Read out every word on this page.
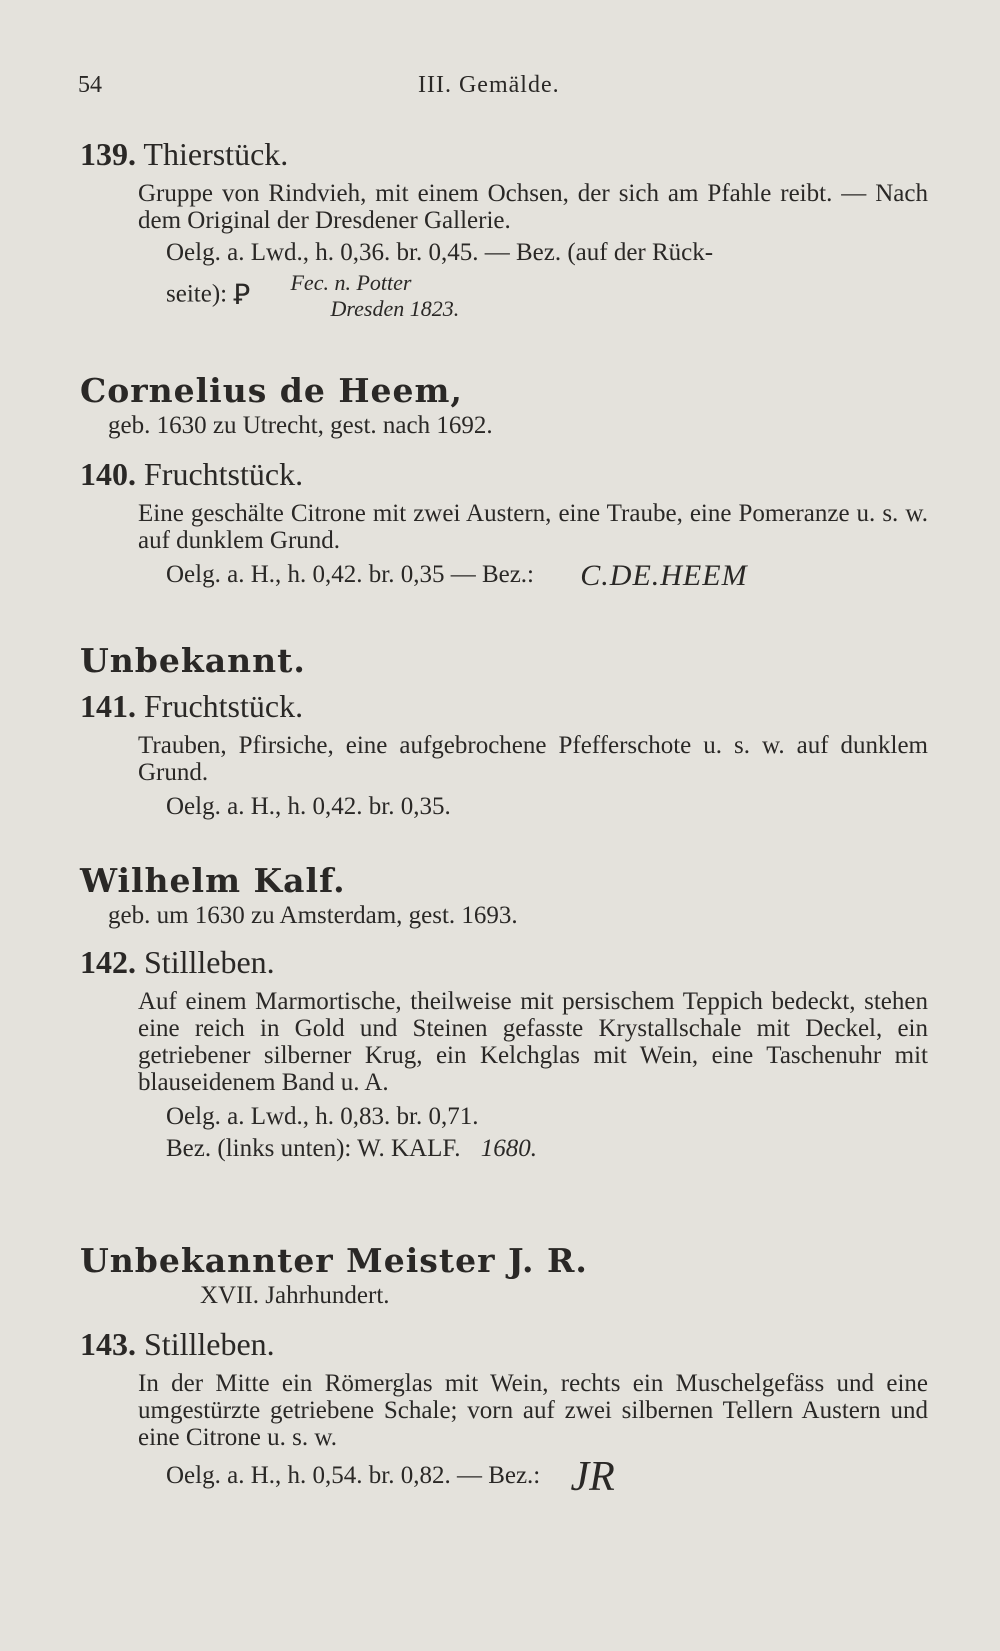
54	III. Gemälde.
139. Thierstück.

Gruppe von Rindvieh, mit einem Ochsen, der sich am Pfahle reibt. — Nach dem Original der Dresdener Gallerie.

Oelg. a. Lwd., h. 0,36. br. 0,45. — Bez. (auf der Rück-

seite): Ꝑ Fec. n. Potter
Dresden 1823.
Cornelius de Heem,

geb. 1630 zu Utrecht, gest. nach 1692.

140. Fruchtstück.

Eine geschälte Citrone mit zwei Austern, eine Traube, eine Pomeranze u. s. w. auf dunklem Grund.

Oelg. a. H., h. 0,42. br. 0,35 — Bez.: C.DE.HEEM
Unbekannt.
141. Fruchtstück.

Trauben, Pfirsiche, eine aufgebrochene Pfefferschote u. s. w. auf dunklem Grund.

Oelg. a. H., h. 0,42. br. 0,35.

Wilhelm Kalf.

geb. um 1630 zu Amsterdam, gest. 1693.

142. Stillleben.

Auf einem Marmortische, theilweise mit persischem Teppich bedeckt, stehen eine reich in Gold und Steinen gefasste Krystallschale mit Deckel, ein getriebener silberner Krug, ein Kelchglas mit Wein, eine Taschenuhr mit blauseidenem Band u. A.

Oelg. a. Lwd., h. 0,83. br. 0,71.

Bez. (links unten): W. KALF. 1680.

Unbekannter Meister J. R.

XVII. Jahrhundert.

143. Stillleben.

In der Mitte ein Römerglas mit Wein, rechts ein Muschelgefäss und eine umgestürzte getriebene Schale; vorn auf zwei silbernen Tellern Austern und eine Citrone u. s. w.

Oelg. a. H., h. 0,54. br. 0,82. — Bez.: JR
